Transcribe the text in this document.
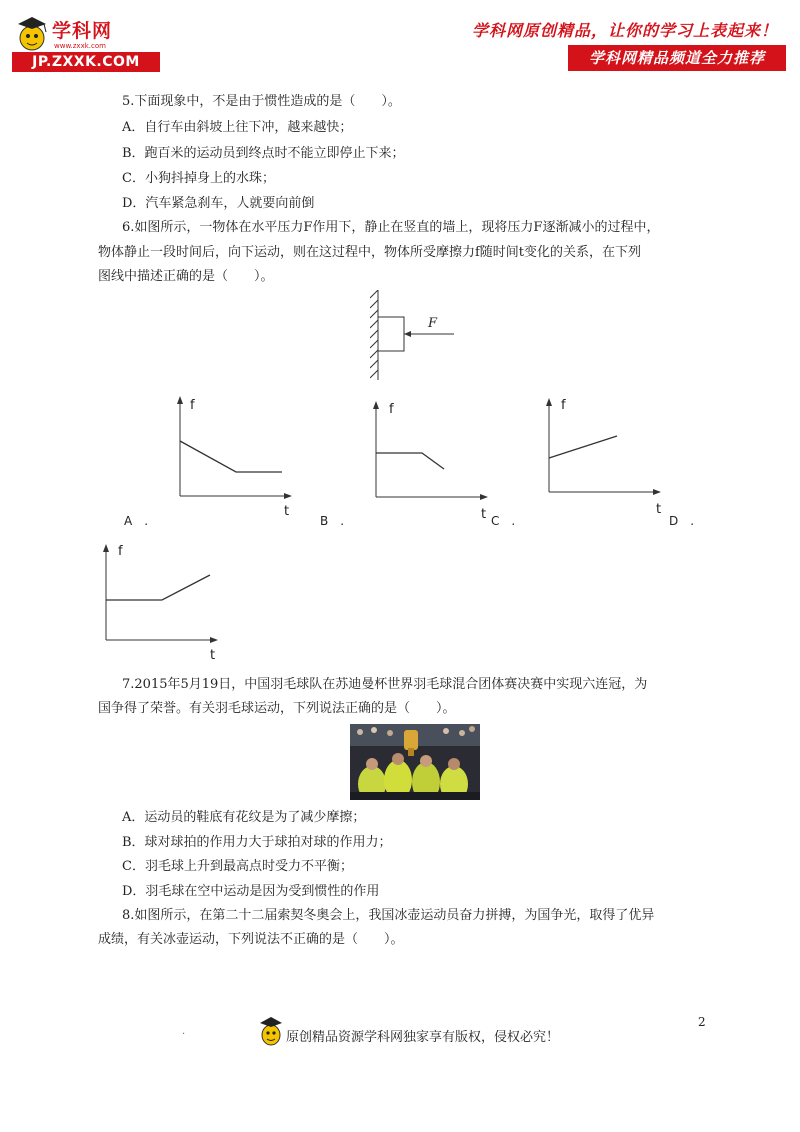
学科网
www.zxxk.com
JP.ZXXK.COM
学科网原创精品，让你的学习上表起来！
学科网精品频道全力推荐
5.下面现象中，不是由于惯性造成的是（　　）。
A．自行车由斜坡上往下冲，越来越快；
B．跑百米的运动员到终点时不能立即停止下来；
C．小狗抖掉身上的水珠；
D．汽车紧急刹车，人就要向前倒
6.如图所示，一物体在水平压力F作用下，静止在竖直的墙上，现将压力F逐渐减小的过程中，
物体静止一段时间后，向下运动，则在这过程中，物体所受摩擦力f随时间t变化的关系，在下列
图线中描述正确的是（　　）。
F
f
t
A　.
f
t
B　.	C　.
f
t
D　.
f
t
7.2015年5月19日，中国羽毛球队在苏迪曼杯世界羽毛球混合团体赛决赛中实现六连冠，为
国争得了荣誉。有关羽毛球运动，下列说法正确的是（　　）。
A．运动员的鞋底有花纹是为了减少摩擦；
B．球对球拍的作用力大于球拍对球的作用力；
C．羽毛球上升到最高点时受力不平衡；
D．羽毛球在空中运动是因为受到惯性的作用
8.如图所示，在第二十二届索契冬奥会上，我国冰壶运动员奋力拼搏，为国争光，取得了优异
成绩，有关冰壶运动，下列说法不正确的是（　　）。
2
.	原创精品资源学科网独家享有版权，侵权必究！
